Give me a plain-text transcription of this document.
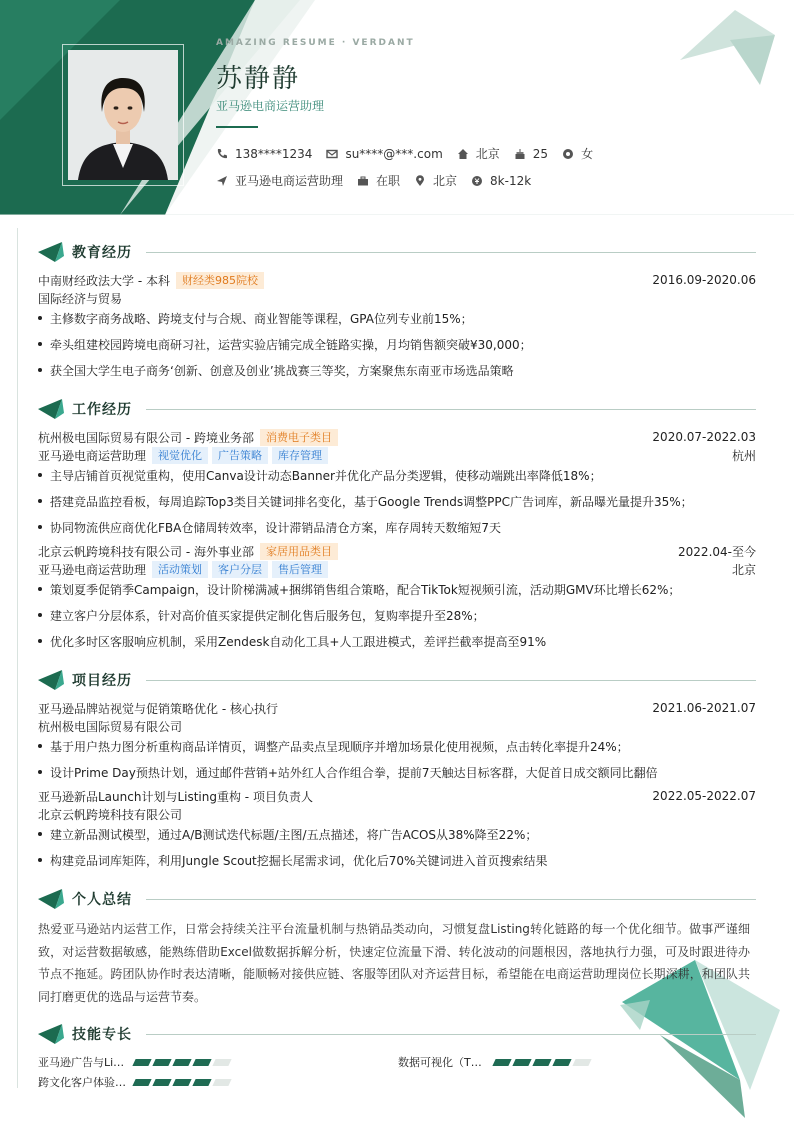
AMAZING RESUME · VERDANT
苏静静
亚马逊电商运营助理
138****1234	su****@***.com	北京	25	女
亚马逊电商运营助理	在职	北京	8k-12k
教育经历
中南财经政法大学 - 本科	财经类985院校	2016.09-2020.06
国际经济与贸易
主修数字商务战略、跨境支付与合规、商业智能等课程，GPA位列专业前15%；
牵头组建校园跨境电商研习社，运营实验店铺完成全链路实操，月均销售额突破¥30,000；
获全国大学生电子商务‘创新、创意及创业’挑战赛三等奖，方案聚焦东南亚市场选品策略
工作经历
杭州极电国际贸易有限公司 - 跨境业务部	消费电子类目	2020.07-2022.03
亚马逊电商运营助理	视觉优化	广告策略	库存管理	杭州
主导店铺首页视觉重构，使用Canva设计动态Banner并优化产品分类逻辑，使移动端跳出率降低18%；
搭建竞品监控看板，每周追踪Top3类目关键词排名变化，基于Google Trends调整PPC广告词库，新品曝光量提升35%；
协同物流供应商优化FBA仓储周转效率，设计滞销品清仓方案，库存周转天数缩短7天
北京云帆跨境科技有限公司 - 海外事业部	家居用品类目	2022.04-至今
亚马逊电商运营助理	活动策划	客户分层	售后管理	北京
策划夏季促销季Campaign，设计阶梯满减+捆绑销售组合策略，配合TikTok短视频引流，活动期GMV环比增长62%；
建立客户分层体系，针对高价值买家提供定制化售后服务包，复购率提升至28%；
优化多时区客服响应机制，采用Zendesk自动化工具+人工跟进模式，差评拦截率提高至91%
项目经历
亚马逊品牌站视觉与促销策略优化 - 核心执行	2021.06-2021.07
杭州极电国际贸易有限公司
基于用户热力图分析重构商品详情页，调整产品卖点呈现顺序并增加场景化使用视频，点击转化率提升24%；
设计Prime Day预热计划，通过邮件营销+站外红人合作组合拳，提前7天触达目标客群，大促首日成交额同比翻倍
亚马逊新品Launch计划与Listing重构 - 项目负责人	2022.05-2022.07
北京云帆跨境科技有限公司
建立新品测试模型，通过A/B测试迭代标题/主图/五点描述，将广告ACOS从38%降至22%；
构建竞品词库矩阵，利用Jungle Scout挖掘长尾需求词，优化后70%关键词进入首页搜索结果
个人总结
热爱亚马逊站内运营工作，日常会持续关注平台流量机制与热销品类动向，习惯复盘Listing转化链路的每一个优化细节。做事严谨细致，对运营数据敏感，能熟练借助Excel做数据拆解分析，快速定位流量下滑、转化波动的问题根因，落地执行力强，可及时跟进待办节点不拖延。跨团队协作时表达清晰，能顺畅对接供应链、客服等团队对齐运营目标，希望能在电商运营助理岗位长期深耕，和团队共同打磨更优的选品与运营节奏。
技能专长
亚马逊广告与Li…	数据可视化（T…
跨文化客户体验…
